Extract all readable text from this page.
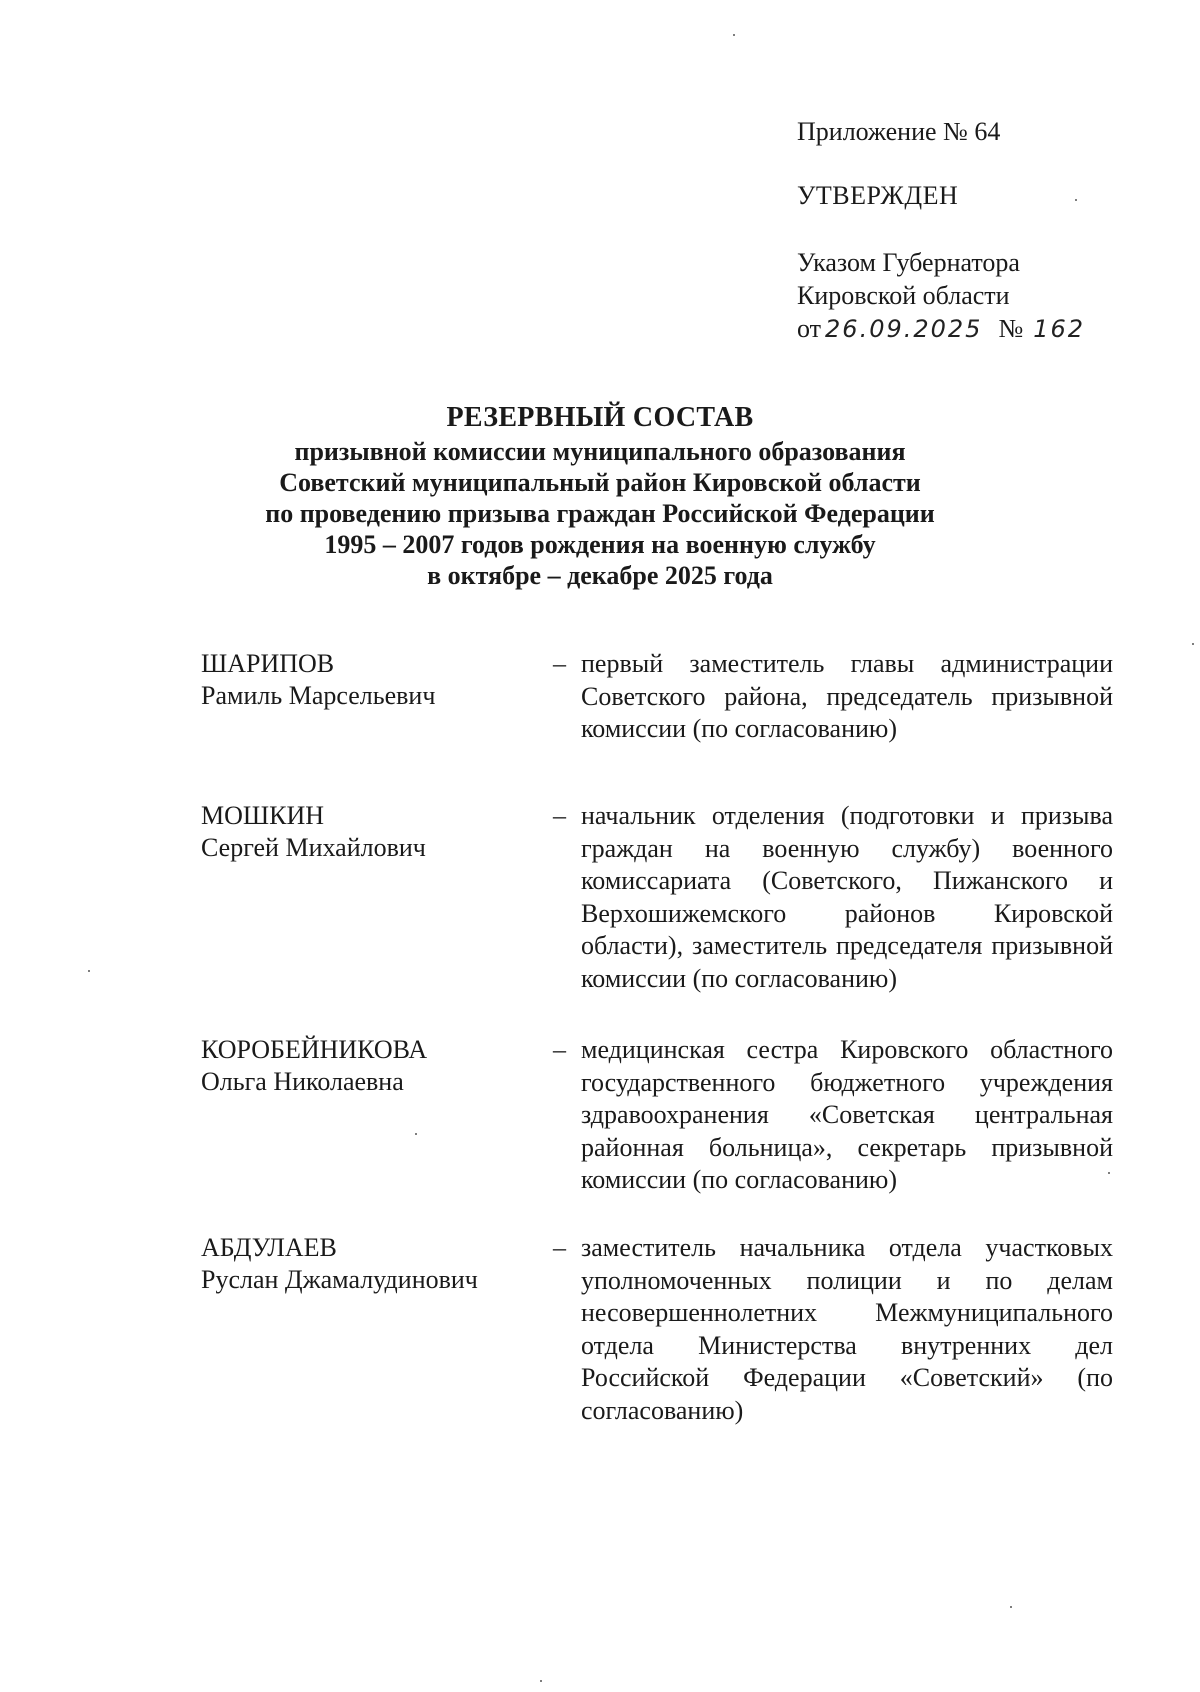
Приложение № 64
УТВЕРЖДЕН
Указом Губернатора
Кировской области
от 26.09.2025 № 162
РЕЗЕРВНЫЙ СОСТАВ
призывной комиссии муниципального образования
Советский муниципальный район Кировской области
по проведению призыва граждан Российской Федерации
1995 – 2007 годов рождения на военную службу
в октябре – декабре 2025 года
ШАРИПОВ
Рамиль Марсельевич
– первый заместитель главы администрации Советского района, председатель призывной комиссии (по согласованию)
МОШКИН
Сергей Михайлович
– начальник отделения (подготовки и призыва граждан на военную службу) военного комиссариата (Советского, Пижанского и Верхошижемского районов Кировской области), заместитель председателя призывной комиссии (по согласованию)
КОРОБЕЙНИКОВА
Ольга Николаевна
– медицинская сестра Кировского областного государственного бюджетного учреждения здравоохранения «Советская центральная районная больница», секретарь призывной комиссии (по согласованию)
АБДУЛАЕВ
Руслан Джамалудинович
– заместитель начальника отдела участковых уполномоченных полиции и по делам несовершеннолетних Межмуниципального отдела Министерства внутренних дел Российской Федерации «Советский» (по согласованию)
